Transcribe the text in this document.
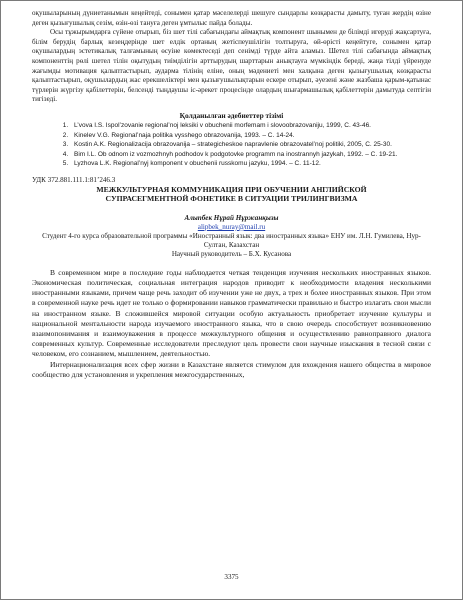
оқушыларының дүниетанымын кеңейтеді, сонымен қатар мәселелерді шешуге сындарлы көзқарасты дамыту, туған жердің өзіне деген қызығушылық сезім, өзін-өзі тануға деген ұмтылыс пайда болады.

Осы тұжырымдарға сүйене отырып, біз шет тілі сабағындағы аймақтық компонент шынымен де білімді игеруді жақсартуға, білім берудің барлық кезеңдерінде шет елдік ортаның жетіспеушілігін толтыруға, өй-өрісті кеңейтуге, сонымен қатар оқушылардың эстетикалық талғамының өсуіне көмектеседі деп сенімді түрде айта аламыз. Шетел тілі сабағында аймақтық компоненттің рөлі шетел тілін оқытудың тиімділігін арттырудың шарттарын анықтауға мүмкіндік береді, жаңа тілді үйренуде жағымды мотивация қалыптастырып, аударма тілінің еліне, оның мәдениеті мен халқына деген қызығушылық көзқарасты қалыптастырып, оқушылардың жас ерекшеліктері мен қызығушылықтарын ескере отырып, әуезені және жазбаша қарым-қатынас түрлерін жүргізу қабілеттерін, белсенді тыңдаушы іс-әрекет процесінде олардың шығармашылық қабілеттерін дамытуда септігін тигізеді.

Қолданылған әдебиеттер тізімі
1. L’vova I.S. Ispol’zovanie regional’noj leksiki v obuchenii morfemam i slovoobrazovaniju, 1999, C. 43-46.
2. Kinelev V.G. Regional’naja politika vysshego obrazovanija, 1993. – C. 14-24.
3. Kostin A.K. Regionalizacija obrazovanija – strategicheskoe napravlenie obrazovatel’noj politiki, 2005, C. 25-30.
4. Bim I.L. Ob odnom iz vozmozhnyh podhodov k podgotovke programm na inostrannyh jazykah, 1992. – C. 19-21.
5. Lyzhova L.K. Regional’nyj komponent v obuchenii russkomu jazyku, 1994. – C. 11-12.
УДК 372.881.111.1:81’246.3
МЕЖКУЛЬТУРНАЯ КОММУНИКАЦИЯ ПРИ ОБУЧЕНИИ АНГЛИЙСКОЙ
СУПРАСЕГМЕНТНОЙ ФОНЕТИКЕ В СИТУАЦИИ ТРИЛИНГВИЗМА
Алыпбек Нұрай Нұржанқызы
alipbek_nuray@mail.ru
Студент 4-го курса образовательной программы «Иностранный язык: два иностранных языка» ЕНУ им. Л.Н. Гумилева, Нур-Султан, Казахстан
Научный руководитель – Б.Х. Кусанова

В современном мире в последние годы наблюдается четкая тенденция изучения нескольких иностранных языков. Экономическая политическая, социальная интеграция народов приводит к необходимости владения несколькими иностранными языками, причем чаще речь заходит об изучении уже не двух, а трех и более иностранных языков. При этом в современной науке речь идет не только о формировании навыков грамматически правильно и быстро излагать свои мысли на иностранном языке. В сложившейся мировой ситуации особую актуальность приобретает изучение культуры и национальной ментальности народа изучаемого иностранного языка, что в свою очередь способствует возникновению взаимопонимания и взаимоуважения в процессе межкультурного общения и осуществлению равноправного диалога современных культур. Современные исследователи преследуют цель провести свои научные изыскания в тесной связи с человеком, его сознанием, мышлением, деятельностью.

Интернационализация всех сфер жизни в Казахстане является стимулом для вхождения нашего общества в мировое сообщество для установления и укрепления межгосударственных,

3375
